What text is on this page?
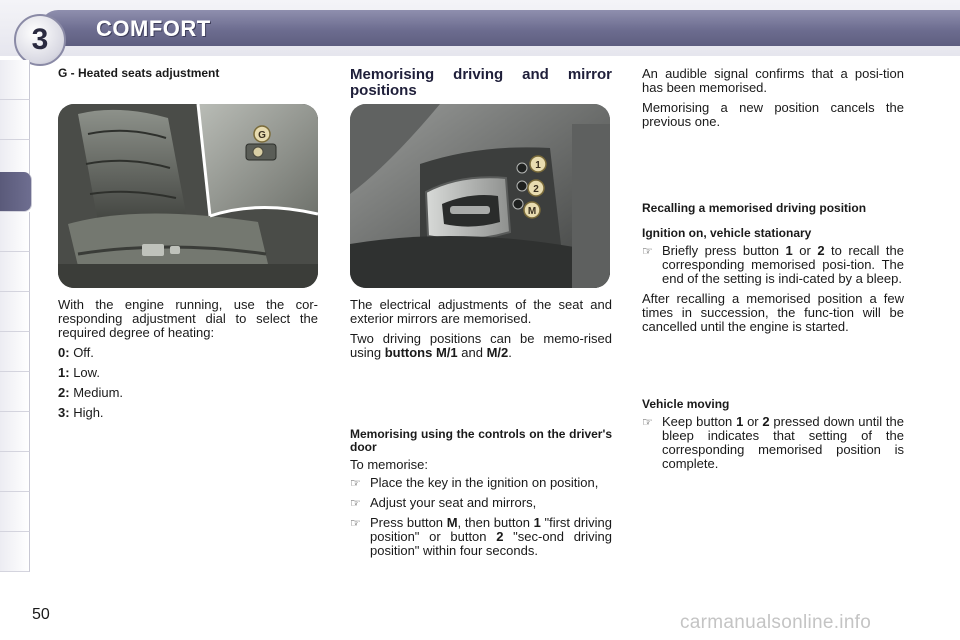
3	COMFORT

G - Heated seats adjustment

G

With the engine running, use the cor-responding adjustment dial to select the required degree of heating:

0: Off.

1: Low.

2: Medium.

3: High.

Memorising driving and mirror positions

1
2
M

The electrical adjustments of the seat and exterior mirrors are memorised.

Two driving positions can be memo-rised using buttons M/1 and M/2.

Memorising using the controls on the driver's door

To memorise:

☞ Place the key in the ignition on position,
☞ Adjust your seat and mirrors,
☞ Press button M, then button 1 "first driving position" or button 2 "sec-ond driving position" within four seconds.

An audible signal confirms that a posi-tion has been memorised.

Memorising a new position cancels the previous one.

Recalling a memorised driving position

Ignition on, vehicle stationary

☞ Briefly press button 1 or 2 to recall the corresponding memorised posi-tion. The end of the setting is indi-cated by a bleep.

After recalling a memorised position a few times in succession, the func-tion will be cancelled until the engine is started.

Vehicle moving

☞ Keep button 1 or 2 pressed down until the bleep indicates that setting of the corresponding memorised position is complete.
50	carmanualsonline.info
